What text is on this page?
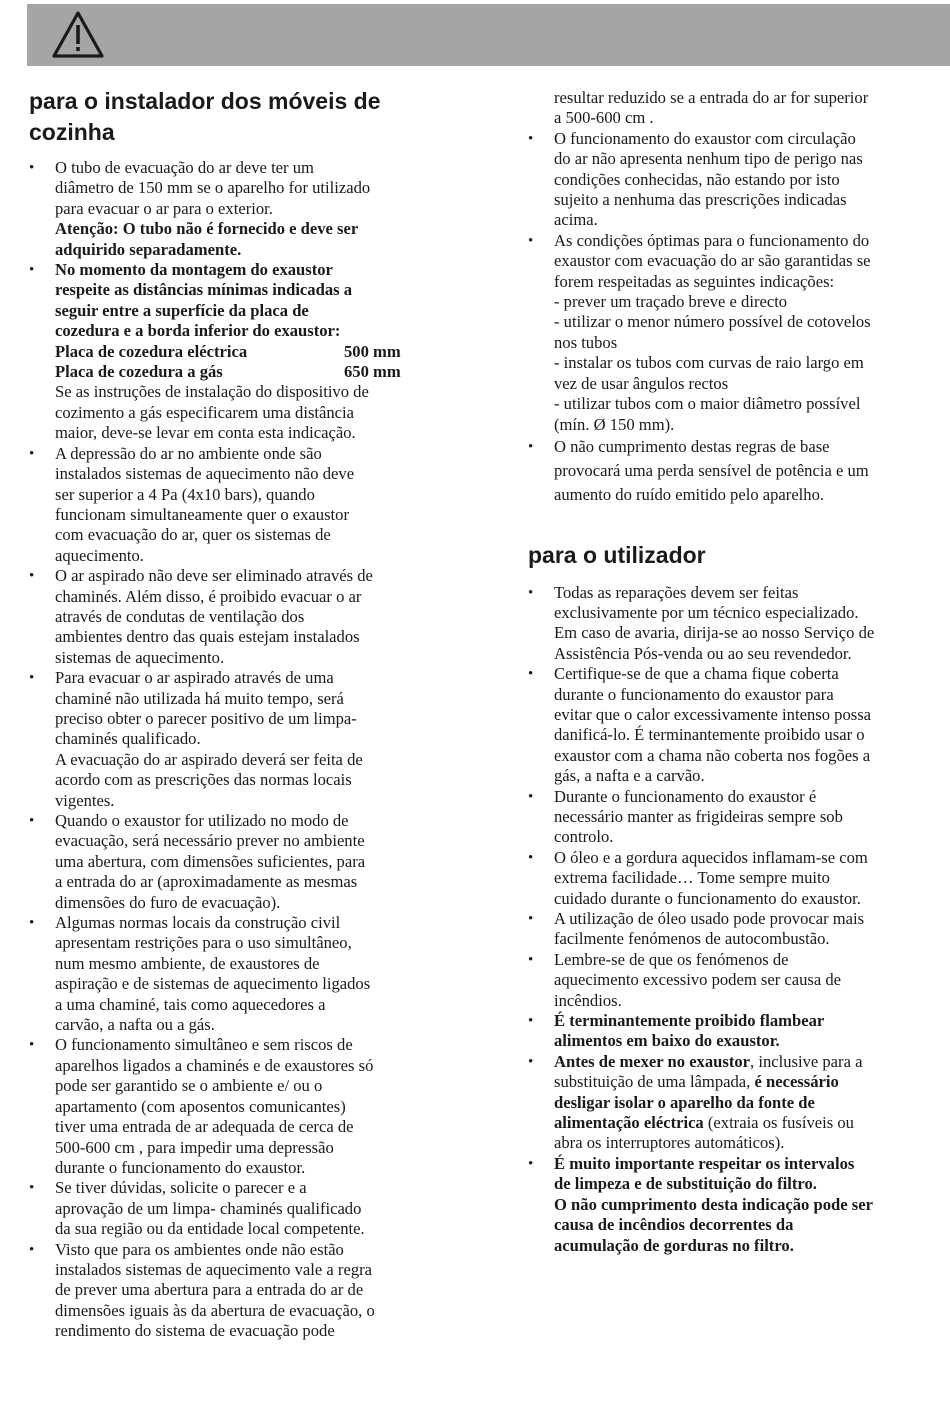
para o instalador dos móveis de cozinha
• O tubo de evacuação do ar deve ter um
diâmetro de 150 mm se o aparelho for utilizado
para evacuar o ar para o exterior.
Atenção: O tubo não é fornecido e deve ser
adquirido separadamente.
• No momento da montagem do exaustor
respeite as distâncias mínimas indicadas a
seguir entre a superfície da placa de
cozedura e a borda inferior do exaustor:
Placa de cozedura eléctrica	500 mm
Placa de cozedura a gás	650 mm
Se as instruções de instalação do dispositivo de
cozimento a gás especificarem uma distância
maior, deve-se levar em conta esta indicação.
• A depressão do ar no ambiente onde são
instalados sistemas de aquecimento não deve
ser superior a 4 Pa (4x10 bars), quando
funcionam simultaneamente quer o exaustor
com evacuação do ar, quer os sistemas de
aquecimento.
• O ar aspirado não deve ser eliminado através de
chaminés. Além disso, é proibido evacuar o ar
através de condutas de ventilação dos
ambientes dentro das quais estejam instalados
sistemas de aquecimento.
• Para evacuar o ar aspirado através de uma
chaminé não utilizada há muito tempo, será
preciso obter o parecer positivo de um limpa-
chaminés qualificado.
A evacuação do ar aspirado deverá ser feita de
acordo com as prescrições das normas locais
vigentes.
• Quando o exaustor for utilizado no modo de
evacuação, será necessário prever no ambiente
uma abertura, com dimensões suficientes, para
a entrada do ar (aproximadamente as mesmas
dimensões do furo de evacuação).
• Algumas normas locais da construção civil
apresentam restrições para o uso simultâneo,
num mesmo ambiente, de exaustores de
aspiração e de sistemas de aquecimento ligados
a uma chaminé, tais como aquecedores a
carvão, a nafta ou a gás.
• O funcionamento simultâneo e sem riscos de
aparelhos ligados a chaminés e de exaustores só
pode ser garantido se o ambiente e/ ou o
apartamento (com aposentos comunicantes)
tiver uma entrada de ar adequada de cerca de
500-600 cm , para impedir uma depressão
durante o funcionamento do exaustor.
• Se tiver dúvidas, solicite o parecer e a
aprovação de um limpa- chaminés qualificado
da sua região ou da entidade local competente.
• Visto que para os ambientes onde não estão
instalados sistemas de aquecimento vale a regra
de prever uma abertura para a entrada do ar de
dimensões iguais às da abertura de evacuação, o
rendimento do sistema de evacuação pode
resultar reduzido se a entrada do ar for superior
a 500-600 cm .
• O funcionamento do exaustor com circulação
do ar não apresenta nenhum tipo de perigo nas
condições conhecidas, não estando por isto
sujeito a nenhuma das prescrições indicadas
acima.
• As condições óptimas para o funcionamento do
exaustor com evacuação do ar são garantidas se
forem respeitadas as seguintes indicações:
- prever um traçado breve e directo
- utilizar o menor número possível de cotovelos
nos tubos
- instalar os tubos com curvas de raio largo em
vez de usar ângulos rectos
- utilizar tubos com o maior diâmetro possível
(mín. Ø 150 mm).
• O não cumprimento destas regras de base
provocará uma perda sensível de potência e um
aumento do ruído emitido pelo aparelho.
para o utilizador
• Todas as reparações devem ser feitas
exclusivamente por um técnico especializado.
Em caso de avaria, dirija-se ao nosso Serviço de
Assistência Pós-venda ou ao seu revendedor.
• Certifique-se de que a chama fique coberta
durante o funcionamento do exaustor para
evitar que o calor excessivamente intenso possa
danificá-lo. É terminantemente proibido usar o
exaustor com a chama não coberta nos fogões a
gás, a nafta e a carvão.
• Durante o funcionamento do exaustor é
necessário manter as frigideiras sempre sob
controlo.
• O óleo e a gordura aquecidos inflamam-se com
extrema facilidade… Tome sempre muito
cuidado durante o funcionamento do exaustor.
• A utilização de óleo usado pode provocar mais
facilmente fenómenos de autocombustão.
• Lembre-se de que os fenómenos de
aquecimento excessivo podem ser causa de
incêndios.
• É terminantemente proibido flambear
alimentos em baixo do exaustor.
• Antes de mexer no exaustor, inclusive para a
substituição de uma lâmpada, é necessário
desligar isolar o aparelho da fonte de
alimentação eléctrica (extraia os fusíveis ou
abra os interruptores automáticos).
• É muito importante respeitar os intervalos
de limpeza e de substituição do filtro.
O não cumprimento desta indicação pode ser
causa de incêndios decorrentes da
acumulação de gorduras no filtro.
